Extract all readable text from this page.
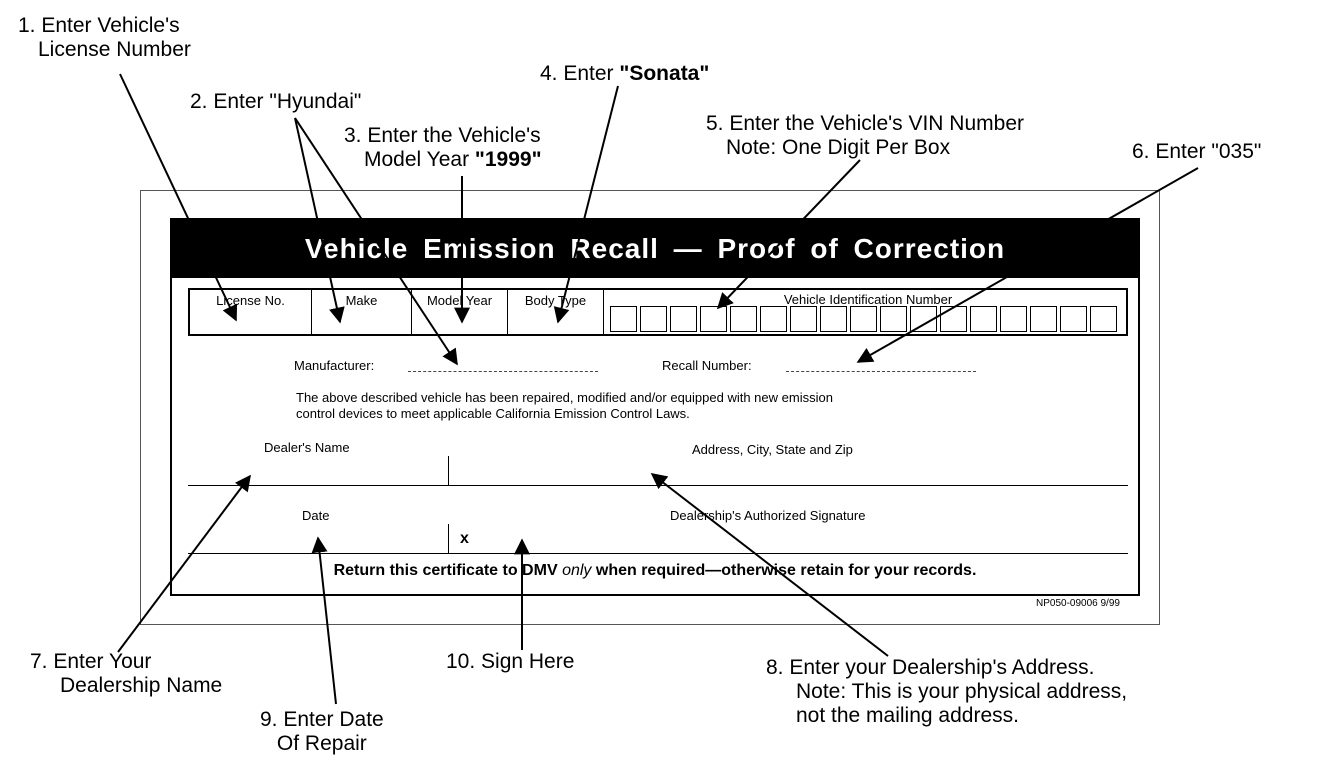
1. Enter Vehicle's
License Number
2. Enter "Hyundai"
3. Enter the Vehicle's
Model Year "1999"
4. Enter "Sonata"
5. Enter the Vehicle's VIN Number
Note: One Digit Per Box	6. Enter "035"
7. Enter Your
Dealership Name
8. Enter your Dealership's Address.
Note: This is your physical address,
not the mailing address.
9. Enter Date
Of Repair
10. Sign Here
Vehicle Emission Recall — Proof of Correction
License No.	Make	Model Year	Body Type	Vehicle Identification Number
Manufacturer:	Recall Number:
The above described vehicle has been repaired, modified and/or equipped with new emission
control devices to meet applicable California Emission Control Laws.
Dealer's Name	Address, City, State and Zip
Date	Dealership's Authorized Signature
x
Return this certificate to DMV only when required—otherwise retain for your records.
NP050-09006 9/99
